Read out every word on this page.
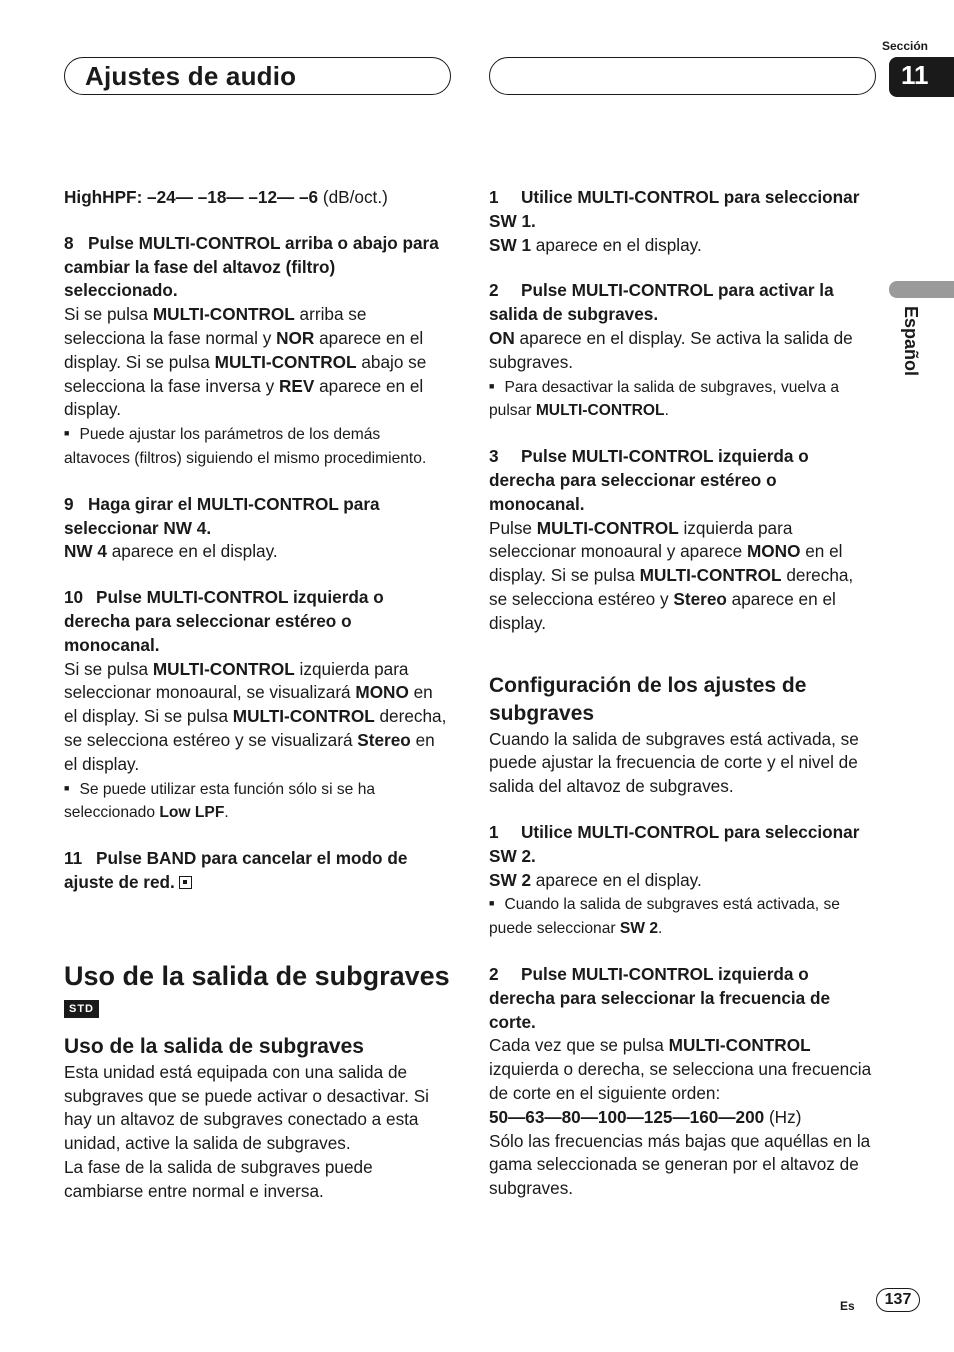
Ajustes de audio
Sección
11
Español

HighHPF: –24— –18— –12— –6 (dB/oct.)

8 Pulse MULTI-CONTROL arriba o abajo para cambiar la fase del altavoz (filtro) seleccionado.

Si se pulsa MULTI-CONTROL arriba se selecciona la fase normal y NOR aparece en el display. Si se pulsa MULTI-CONTROL abajo se selecciona la fase inversa y REV aparece en el display.

■ Puede ajustar los parámetros de los demás altavoces (filtros) siguiendo el mismo procedimiento.

9 Haga girar el MULTI-CONTROL para seleccionar NW 4.

NW 4 aparece en el display.

10 Pulse MULTI-CONTROL izquierda o derecha para seleccionar estéreo o monocanal.

Si se pulsa MULTI-CONTROL izquierda para seleccionar monoaural, se visualizará MONO en el display. Si se pulsa MULTI-CONTROL derecha, se selecciona estéreo y se visualizará Stereo en el display.

■ Se puede utilizar esta función sólo si se ha seleccionado Low LPF.

11 Pulse BAND para cancelar el modo de ajuste de red.

Uso de la salida de subgraves STD

Uso de la salida de subgraves

Esta unidad está equipada con una salida de subgraves que se puede activar o desactivar. Si hay un altavoz de subgraves conectado a esta unidad, active la salida de subgraves.

La fase de la salida de subgraves puede cambiarse entre normal e inversa.

1 Utilice MULTI-CONTROL para seleccionar SW 1.

SW 1 aparece en el display.

2 Pulse MULTI-CONTROL para activar la salida de subgraves.

ON aparece en el display. Se activa la salida de subgraves.

■ Para desactivar la salida de subgraves, vuelva a pulsar MULTI-CONTROL.

3 Pulse MULTI-CONTROL izquierda o derecha para seleccionar estéreo o monocanal.

Pulse MULTI-CONTROL izquierda para seleccionar monoaural y aparece MONO en el display. Si se pulsa MULTI-CONTROL derecha, se selecciona estéreo y Stereo aparece en el display.

Configuración de los ajustes de subgraves

Cuando la salida de subgraves está activada, se puede ajustar la frecuencia de corte y el nivel de salida del altavoz de subgraves.

1 Utilice MULTI-CONTROL para seleccionar SW 2.

SW 2 aparece en el display.

■ Cuando la salida de subgraves está activada, se puede seleccionar SW 2.

2 Pulse MULTI-CONTROL izquierda o derecha para seleccionar la frecuencia de corte.

Cada vez que se pulsa MULTI-CONTROL izquierda o derecha, se selecciona una frecuencia de corte en el siguiente orden:

50—63—80—100—125—160—200 (Hz)

Sólo las frecuencias más bajas que aquéllas en la gama seleccionada se generan por el altavoz de subgraves.

Es	137
